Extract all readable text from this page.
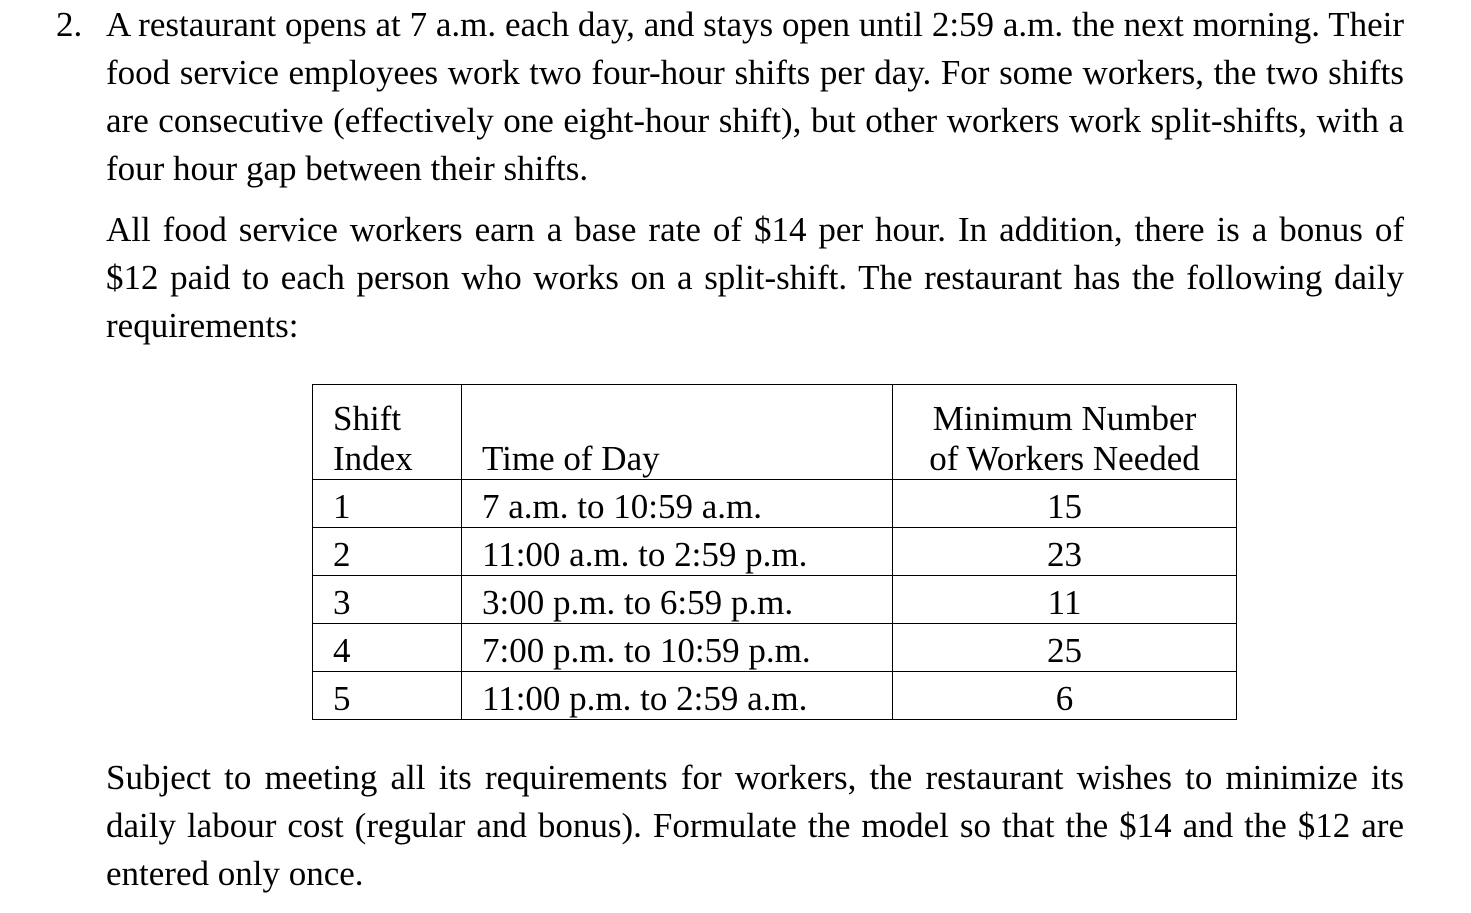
2. A restaurant opens at 7 a.m. each day, and stays open until 2:59 a.m. the next morning. Their food service employees work two four-hour shifts per day. For some workers, the two shifts are consecutive (effectively one eight-hour shift), but other workers work split-shifts, with a four hour gap between their shifts.

All food service workers earn a base rate of $14 per hour. In addition, there is a bonus of $12 paid to each person who works on a split-shift. The restaurant has the following daily requirements:

Shift
Index	Time of Day	Minimum Number
of Workers Needed

1	7 a.m. to 10:59 a.m.	15
2	11:00 a.m. to 2:59 p.m.	23
3	3:00 p.m. to 6:59 p.m.	11
4	7:00 p.m. to 10:59 p.m.	25
5	11:00 p.m. to 2:59 a.m.	6

Subject to meeting all its requirements for workers, the restaurant wishes to minimize its daily labour cost (regular and bonus). Formulate the model so that the $14 and the $12 are entered only once.
